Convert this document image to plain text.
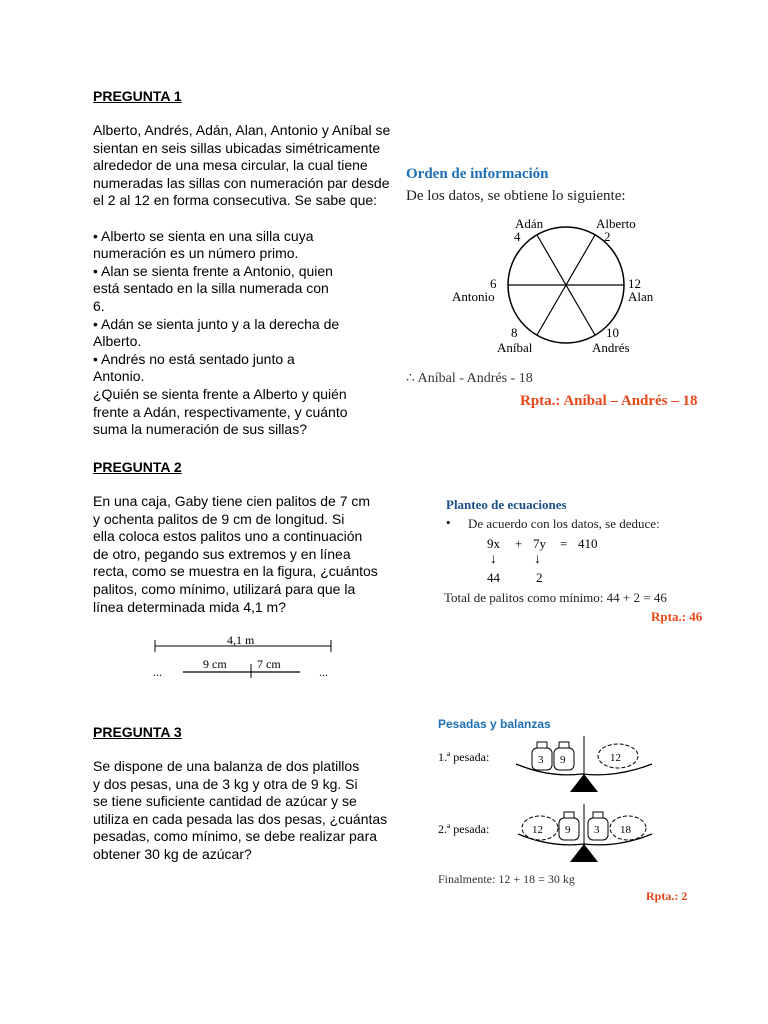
PREGUNTA 1
Alberto, Andrés, Adán, Alan, Antonio y Aníbal se
sientan en seis sillas ubicadas simétricamente
alrededor de una mesa circular, la cual tiene
numeradas las sillas con numeración par desde
el 2 al 12 en forma consecutiva. Se sabe que:

• Alberto se sienta en una silla cuya
numeración es un número primo.
• Alan se sienta frente a Antonio, quien
está sentado en la silla numerada con
6.
• Adán se sienta junto y a la derecha de
Alberto.
• Andrés no está sentado junto a
Antonio.
¿Quién se sienta frente a Alberto y quién
frente a Adán, respectivamente, y cuánto
suma la numeración de sus sillas?
Orden de información
De los datos, se obtiene lo siguiente:
Adán
4
Alberto
2
6
Antonio
12
Alan
8
Aníbal
10
Andrés
∴ Aníbal - Andrés - 18
Rpta.: Aníbal – Andrés – 18
PREGUNTA 2
En una caja, Gaby tiene cien palitos de 7 cm
y ochenta palitos de 9 cm de longitud. Si
ella coloca estos palitos uno a continuación
de otro, pegando sus extremos y en línea
recta, como se muestra en la figura, ¿cuántos
palitos, como mínimo, utilizará para que la
línea determinada mida 4,1 m?
4,1 m
9 cm	7 cm
...	...
Planteo de ecuaciones
• De acuerdo con los datos, se deduce:
9x + 7y = 410
↓	↓
44	2
Total de palitos como mínimo: 44 + 2 = 46
Rpta.: 46
PREGUNTA 3
Se dispone de una balanza de dos platillos
y dos pesas, una de 3 kg y otra de 9 kg. Si
se tiene suficiente cantidad de azúcar y se
utiliza en cada pesada las dos pesas, ¿cuántas
pesadas, como mínimo, se debe realizar para
obtener 30 kg de azúcar?
Pesadas y balanzas
1.ª pesada:
2.ª pesada:
3 9	12
12 9 3 18
Finalmente: 12 + 18 = 30 kg
Rpta.: 2
